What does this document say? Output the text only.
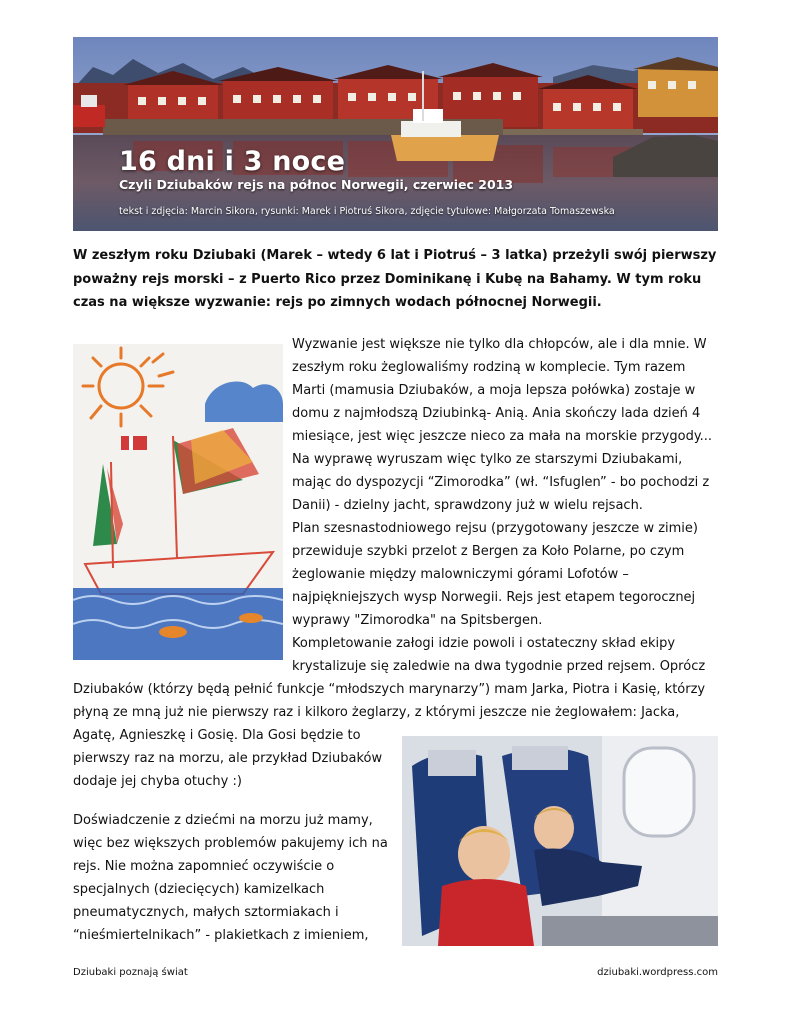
16 dni i 3 noce
Czyli Dziubaków rejs na północ Norwegii, czerwiec 2013
tekst i zdjęcia: Marcin Sikora, rysunki: Marek i Piotruś Sikora, zdjęcie tytułowe: Małgorzata Tomaszewska
W zeszłym roku Dziubaki (Marek – wtedy 6 lat i Piotruś – 3 latka) przeżyli swój pierwszy poważny rejs morski – z Puerto Rico przez Dominikanę i Kubę na Bahamy. W tym roku czas na większe wyzwanie: rejs po zimnych wodach północnej Norwegii.
Wyzwanie jest większe nie tylko dla chłopców, ale i dla mnie. W
zeszłym roku żeglowaliśmy rodziną w komplecie. Tym razem
Marti (mamusia Dziubaków, a moja lepsza połówka) zostaje w
domu z najmłodszą Dziubinką- Anią. Ania skończy lada dzień 4
miesiące, jest więc jeszcze nieco za mała na morskie przygody...
Na wyprawę wyruszam więc tylko ze starszymi Dziubakami,
mając do dyspozycji “Zimorodka” (wł. “Isfuglen” - bo pochodzi z
Danii) - dzielny jacht, sprawdzony już w wielu rejsach.
Plan szesnastodniowego rejsu (przygotowany jeszcze w zimie)
przewiduje szybki przelot z Bergen za Koło Polarne, po czym
żeglowanie między malowniczymi górami Lofotów –
najpiękniejszych wysp Norwegii. Rejs jest etapem tegorocznej
wyprawy "Zimorodka" na Spitsbergen.
Kompletowanie załogi idzie powoli i ostateczny skład ekipy
krystalizuje się zaledwie na dwa tygodnie przed rejsem. Oprócz
Dziubaków (którzy będą pełnić funkcje “młodszych marynarzy”) mam Jarka, Piotra i Kasię, którzy
płyną ze mną już nie pierwszy raz i kilkoro żeglarzy, z którymi jeszcze nie żeglowałem: Jacka,
Agatę, Agnieszkę i Gosię. Dla Gosi będzie to
pierwszy raz na morzu, ale przykład Dziubaków
dodaje jej chyba otuchy :)
Doświadczenie z dziećmi na morzu już mamy,
więc bez większych problemów pakujemy ich na
rejs. Nie można zapomnieć oczywiście o
specjalnych (dziecięcych) kamizelkach
pneumatycznych, małych sztormiakach i
“nieśmiertelnikach” - plakietkach z imieniem,
Dziubaki poznają świat	dziubaki.wordpress.com
